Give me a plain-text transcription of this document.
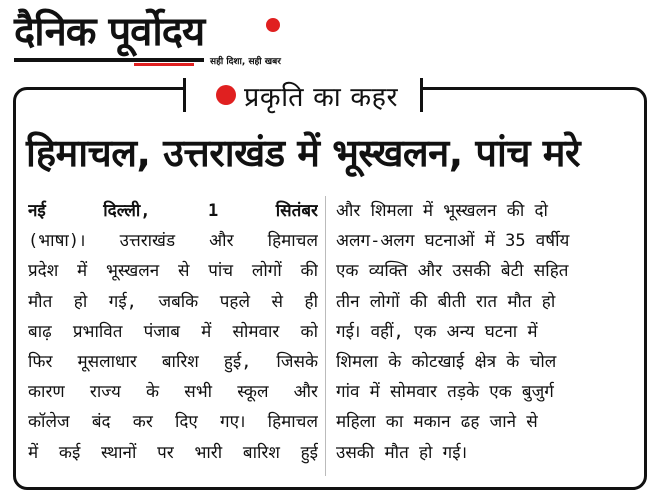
दैनिक पूर्वोदय
सही दिशा, सही खबर
प्रकृति का कहर
हिमाचल, उत्तराखंड में भूस्खलन, पांच मरे
नई दिल्ली, 1 सितंबर
(भाषा)। उत्तराखंड और हिमाचल
प्रदेश में भूस्खलन से पांच लोगों की
मौत हो गई, जबकि पहले से ही
बाढ़ प्रभावित पंजाब में सोमवार को
फिर मूसलाधार बारिश हुई, जिसके
कारण राज्य के सभी स्कूल और
कॉलेज बंद कर दिए गए। हिमाचल
में कई स्थानों पर भारी बारिश हुई
और शिमला में भूस्खलन की दो
अलग-अलग घटनाओं में 35 वर्षीय
एक व्यक्ति और उसकी बेटी सहित
तीन लोगों की बीती रात मौत हो
गई। वहीं, एक अन्य घटना में
शिमला के कोटखाई क्षेत्र के चोल
गांव में सोमवार तड़के एक बुजुर्ग
महिला का मकान ढह जाने से
उसकी मौत हो गई।
